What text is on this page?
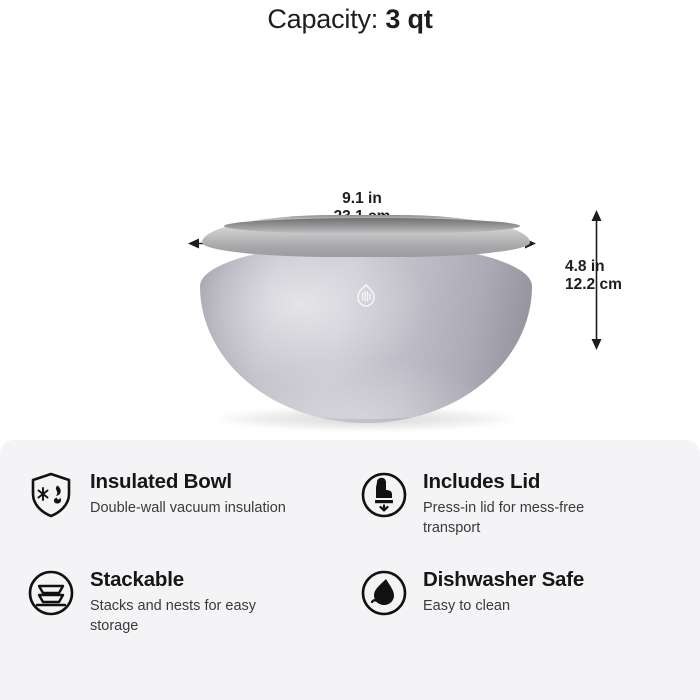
Capacity: 3 qt
9.1 in
4.8 in
12.2 cm
Insulated Bowl

Double-wall vacuum insulation

Includes Lid

Press-in lid for mess-free transport

Stackable

Stacks and nests for easy storage

Dishwasher Safe

Easy to clean
